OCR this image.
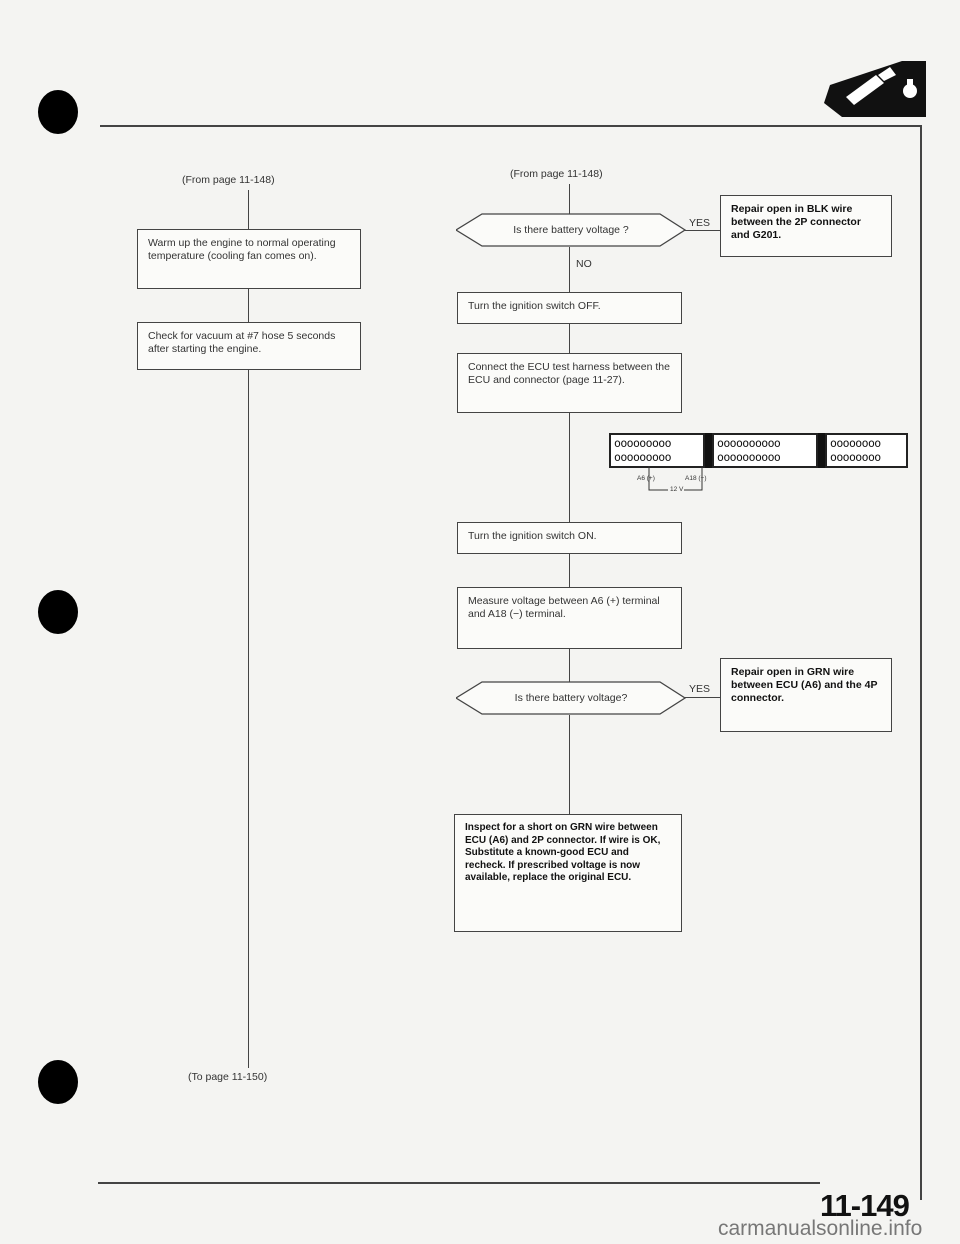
(From page 11-148)
Warm up the engine to normal operating temperature (cooling fan comes on).
Check for vacuum at #7 hose 5 seconds after starting the engine.
(To page 11-150)
(From page 11-148)
Is there battery voltage ?
YES
Repair open in BLK wire between the 2P connector and G201.
NO
Turn the ignition switch OFF.
Connect the ECU test harness between the ECU and connector (page 11-27).
ooooooooo
ooooooooo
oooooooooo
oooooooooo
oooooooo
oooooooo
A6 (+)	A18 (−)
12 V
Turn the ignition switch ON.
Measure voltage between A6 (+) terminal and A18 (−) terminal.
Is there battery voltage?
YES
Repair open in GRN wire between ECU (A6) and the 4P connector.
Inspect for a short on GRN wire between ECU (A6) and 2P connector. If wire is OK, Substitute a known-good ECU and recheck. If prescribed voltage is now available, replace the original ECU.
11-149
carmanualsonline.info
